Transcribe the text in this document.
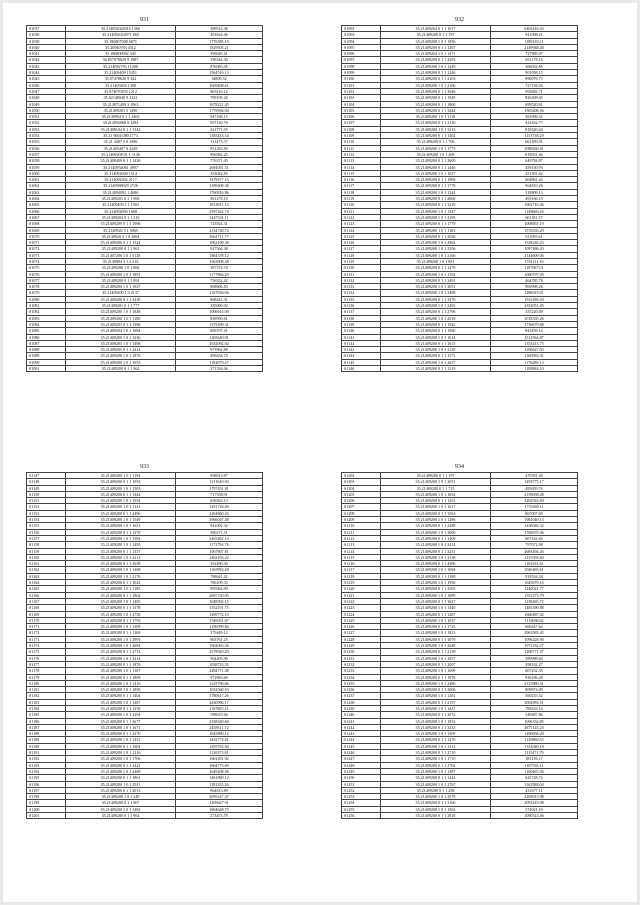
931
S1037	35.214092024916 1366	389512.36
S1038	35.214092022071 865	491624.46
S1039	35.186807008 6871	1776585.19
S1040	35.20940783 4512	1829505.21
S1041	35.186800982 345	396045.41
S1042	34.857678029 9 1987	196344.30
S1043	35.214082793 11408	876083.05
S1044	35.21409409 15451	1564516.13
S1045	35.07478620 9 342	34809.52
S1046	35.21409204 1308	1669408.61
S1047	35.874070293 1212	803116.12
S1048	35.02148040 9 1322	799105.26
S1049	35.214071409 3 1063	1678221.45
S1050	35.21409201 5 1490	1779394.94
S1051	35.2140904 0 1 1 1463	947168.15
S1052	35.214092068 0 1284	957126.76
S1053	35.21408104 0 1 1 1342	321771.05
S1054	35.21 9604 089 1773	1185433.34
S1055	35.21 4407 3 0 1496	311475.57
S1056	35.21405407 0 2249	851263.84
S1057	35.21409208 01 1 1146	996982.25
S1058	35.21408409 0 1 1 1436	776371.45
S1059	35.2140954061 4997	2694051.51
S1060	35.214092040 1514	353022.85
S1061	35.214092032 2117	1479377.15
S1062	35.2140968929 2726	2189408.38
S1063	35.214094092 1 4686	1760816.86
S1064	35.21409201 0 1 1 906	961278.10
S1065	35.21409409 1 1 1903	1814911.15
S1066	35.214092093 1688	2397442.74
S1067	35.21409204 0 1 1 219	1447331.11
S1068	35.21409209 0 1 1 1996	723924.31
S1069	35.2140920 5 1 5065	2134748.74
S1070	35.2140920 4 1 0 2864	1661711.77
S1071	35.21409206 0 1 1 1524	1062109.38
S1072	35.21409200 0 1 1 961	927564.38
S1073	35.21407206 1 0 1 5128	1884378.12
S1074	35.2140904 3 1 2 218	1563908.58
S1075	35.21409206 1 0 1 866	387374.70
S1076	35.21409200 1 0 1 1891	1177966.29
S1077	35.21409200 0 1 1 891	756352.42
S1078	35.21409200 1 0 1 1927	868606.83
S1079	35.21409200 1 0 2137	1167036.96
S1080	35.21409200 0 1 1 3430	868443.31
S1081	35.21409201 0 1 1 777	355069.02
S1082	35.21409200 1 0 1 1848	1006614.09
S1083	35.21409200 1 0 1 1180	839950.61
S1084	35.21409201 0 1 1 1386	1375499.31
S1085	35.21409204 1 0 1 1684	809197.41
S1086	35.21409200 1 0 1 1236	1205649.91
S1087	35.21409205 1 0 1 1498	2632092.02
S1088	35.21409205 0 1 1 2414	973962.88
S1089	35.21409206 1 0 1 1876	496434.75
S1090	35.21409200 1 0 1 1053	1182079.47
S1091	35.21409200 0 1 1 962	371334.06
932
S1092	35.21409204 0 1 1 1617	6403410.43
S1093	35.21409200 0 1 1 197	941098.21
S1094	35.21409200 1 0 1 1956	1189139.21
S1095	35.21409200 0 1 1 1267	2149948.48
S1096	35.21409204 1 0 1 1471	727985.07
S1097	35.21409200 0 1 1 4293	651178.16
S1098	35.21409200 1 0 1 1249	366032.85
S1099	35.21409200 0 1 1 1246	901958.15
S1100	35.21409200 0 1 1 2103	996976.75
S1101	35.21409200 1 0 1 2166	727194.04
S1102	35.21409200 0 1 1 3046	993682.71
S1103	35.21409200 0 1 1 1949	826308.45
S1104	35.21409200 0 1 1 1800	699520.91
S1105	35.21409200 0 1 1 3444	1565406.56
S1106	35.21409200 1 0 1 1118	381896.31
S1107	35.21409200 0 1 1 2130	422432.77
S1108	35.21409200 1 0 1 3113	818320.44
S1109	35.21409200 0 1 1 1402	1153738.29
S1110	35.21409200 0 1 1 706	661499.01
S1111	35.21409200 1 0 1 1775	1088460.81
S1112	35.21409200 1 0 1 269	819031.66
S1113	35.21409200 0 1 1 2609	649784.87
S1114	35.21409200 0 1 1 1446	459150.93
S1115	35.21409200 1 0 1 1027	251391.62
S1116	35.21409200 0 1 1 1906	604861.42
S1117	35.21409200 0 1 1 1778	964810.26
S1118	35.21409200 1 0 1 1344	318809.13
S1119	35.21409200 0 1 1 2060	493166.19
S1120	35.21409200 0 1 1 3229	1902716.46
S1121	35.21409200 1 0 1 1347	1149666.26
S1122	35.21409200 1 0 1 4195	601181.57
S1123	35.21409200 0 1 1 1779	1008851.19
S1124	35.21409200 1 0 1 1163	1576535.29
S1125	35.21409200 0 1 1 2036	611095.61
S1126	35.21409200 1 0 1 2964	1538246.23
S1127	35.21409200 1 0 1 2356	1097486.45
S1128	35.21409200 1 0 1 2166	2144609.06
S1129	35.21409200 1 0 1 881	1761111.16
S1130	35.21409200 0 1 1 1479	1187087.01
S1131	35.21409200 1 0 1 1392	1060797.05
S1132	35.21409200 0 1 1 3491	464785.78
S1133	35.21409200 1 0 1 3051	969998.26
S1134	35.21409200 1 0 1 3498	1286019.01
S1135	35.21409200 0 1 1 3276	1921186.30
S1136	35.21409200 1 0 1 2465	2352051.45
S1137	35.21409200 0 1 1 2796	355220.09
S1138	35.21409200 1 0 1 4539	1018335.26
S1139	35.21409200 0 1 1 1942	1736679.88
S1140	35.21409200 0 1 1 1960	843459.14
S1141	35.21409200 1 0 1 1614	1512564.87
S1142	35.21409200 0 1 1 1615	1353413.75
S1143	35.21409200 1 0 1 3128	1390647.03
S1144	35.21409200 0 1 1 1571	1360963.31
S1145	35.21409200 1 0 1 2657	1176286.13
S1146	35.21409200 0 1 1 1319	1108984.10
933
S1147	35.21409200 1 0 1 1194	938013.87
S1148	35.21409200 0 1 1 1053	1211620.30
S1149	35.21409200 1 0 1 1563	1797451.81
S1150	35.21409200 0 1 1 1444	717558.91
S1151	35.21409200 1 0 1 1954	656563.13
S1152	35.21409200 1 0 1 1123	1291726.20
S1153	35.21409200 0 1 1 2496	2264860.43
S1154	35.21409200 1 0 1 1549	2966047.48
S1155	35.21409200 1 0 1 1651	941002.32
S1156	35.21409200 0 1 1 1278	380271.51
S1157	35.21409200 1 0 1 1582	2465462.14
S1158	35.21409200 1 0 1 1495	1172794.76
S1159	35.21409200 0 1 1 1337	1067807.81
S1160	35.21409200 1 0 1 2213	1402193.22
S1161	35.21409200 0 1 1 2658	352490.30
S1162	35.21409200 1 0 1 1468	1165992.48
S1163	35.21409200 1 0 1 2176	798641.42
S1164	35.21409200 0 1 1 1022	786109.33
S1165	35.21409200 1 0 1 1185	995064.09
S1166	35.21409200 0 1 1 1802	2697150.93
S1167	35.21409200 1 0 1 1495	1048392.15
S1168	35.21409200 0 1 1 1578	1552191.75
S1169	35.21409200 1 0 1 2758	1499774.10
S1170	35.21409200 0 1 1 1793	1546051.67
S1171	35.21409200 1 0 1 1309	1296999.66
S1172	35.21409200 0 1 1 1168	379449.12
S1173	35.21409200 1 0 1 2993	963761.25
S1174	35.21409200 1 0 1 2694	1962063.36
S1175	35.21409200 0 1 1 2774	2578920.20
S1176	35.21409200 1 0 1 3214	564405.96
S1177	35.21409200 0 1 1 1876	1038723.55
S1178	35.21409200 1 0 1 1167	2284771.38
S1179	35.21409200 0 1 1 1809	972963.69
S1180	35.21409200 1 0 1 1416	1225796.66
S1181	35.21409200 1 0 1 1859	1032560.53
S1182	35.21409200 0 1 1 1404	1780617.26
S1183	35.21409200 1 0 1 1487	2430996.17
S1184	35.21409200 0 1 1 1239	1167805.21
S1185	35.21409200 1 0 1 2294	788619.66
S1186	35.21409200 0 1 1 3677	2338349.60
S1187	35.21409200 1 0 1 1671	2458311.72
S1188	35.21409200 0 1 1 2270	1045890.12
S1189	35.21409200 1 0 1 1451	1432774.61
S1190	35.21409200 0 1 1 1004	1295763.84
S1191	35.21409200 1 0 1 1216	1126373.81
S1192	35.21409200 1 0 1 1766	1661491.92
S1193	35.21409200 0 1 1 2422	1664775.69
S1194	35.21409200 1 0 1 2469	2649208.58
S1195	35.21409200 0 1 1 1861	1461869.12
S1196	35.21409200 1 0 1 2911	1181355.26
S1197	35.21409200 0 1 1 2013	964613.89
S1198	35.21409200 1 0 1 248	2095147.37
S1199	35.21409200 0 1 1 907	1209627.91
S1200	35.21409200 1 0 1 1482	1864648.75
S1201	35.21409200 0 1 1 964	273473.79
934
S1202	35.21409200 0 1 1 197	470391.40
S1203	35.21409200 1 0 1 2051	1493775.17
S1204	35.21409200 0 1 1 715	485659.76
S1205	35.21409200 1 0 1 1654	2159058.48
S1206	35.21409200 0 1 1 1451	3202924.69
S1207	35.21409200 1 0 1 1617	1755260.11
S1208	35.21409200 0 1 1 1563	867007.69
S1209	35.21409200 1 0 1 1286	1981040.13
S1210	35.21409200 0 1 1 2288	1436046.32
S1211	35.21409200 1 0 1 3000	1760670.36
S1212	35.21409200 0 1 1 1409	607162.65
S1213	35.21409200 1 0 1 2414	797072.98
S1214	35.21409200 0 1 1 3231	2683494.26
S1215	35.21409200 1 0 1 2138	1215593.60
S1216	35.21409200 0 1 1 4396	1165231.41
S1217	35.21409200 1 0 1 1694	1040465.61
S1218	35.21409200 0 1 1 1188	918534.34
S1219	35.21409200 1 0 1 1956	1645670.16
S1220	35.21409200 0 1 1 2565	1240021.77
S1221	35.21409200 1 0 1 1089	1551273.79
S1222	35.21409200 0 1 1 1627	1238465.72
S1223	35.21409200 1 0 1 1440	1483390.88
S1224	35.21409200 0 1 1 1487	1660487.02
S1225	35.21409200 1 0 1 1037	1115696.62
S1226	35.21409200 0 1 1 1725	666447.64
S1227	35.21409200 1 0 1 1823	2963583.45
S1228	35.21409200 0 1 1 1079	1096228.90
S1229	35.21409200 1 0 1 2648	1972182.27
S1230	35.21409200 0 1 1 2139	1208771.37
S1231	35.21409200 1 0 1 1857	589998.60
S1232	35.21409200 0 1 1 2007	298162.27
S1233	35.21409200 1 0 1 1699	607252.35
S1234	35.21409200 0 1 1 1976	936186.28
S1235	35.21409200 1 0 1 2486	2315880.41
S1236	35.21409200 0 1 1 2006	809974.09
S1237	35.21409200 1 0 1 1281	560235.52
S1238	35.21409200 0 1 1 2197	2004983.51
S1239	35.21409200 1 0 1 1437	789433.14
S1240	35.21409200 0 1 1 2072	349487.86
S1241	35.21409200 1 0 1 1933	1096332.85
S1242	35.21409200 0 1 1 3233	3875143.23
S1243	35.21409200 1 0 1 1509	1490656.20
S1244	35.21409200 0 1 1 1276	1120960.55
S1245	35.21409200 1 0 1 1312	1331040.18
S1246	35.21409200 0 1 1 2710	1115471.79
S1247	35.21409200 1 0 1 1710	381156.17
S1248	35.21409200 0 1 1 2702	1107535.11
S1249	35.21409200 1 0 1 1487	1100465.36
S1250	35.21409200 0 1 1 1444	625728.72
S1251	35.21409200 1 0 1 2767	1162588.04
S1252	35.21409200 0 1 1 258	431677.11
S1253	35.21409200 1 0 1 2578	2269615.98
S1254	35.21409200 0 1 1 3166	2093419.08
S1255	35.21409200 1 0 1 1562	574021.19
S1256	35.21409200 0 1 1 2918	1090312.46
